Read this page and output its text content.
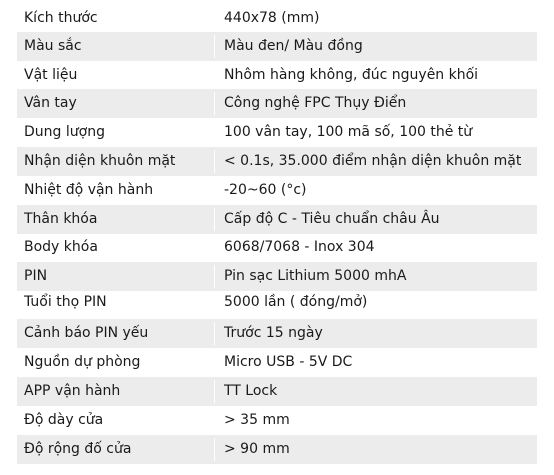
Kích thước	440x78 (mm)
Màu sắc	Màu đen/ Màu đồng
Vật liệu	Nhôm hàng không, đúc nguyên khối
Vân tay	Công nghệ FPC Thụy Điển
Dung lượng	100 vân tay, 100 mã số, 100 thẻ từ
Nhận diện khuôn mặt	< 0.1s, 35.000 điểm nhận diện khuôn mặt
Nhiệt độ vận hành	-20~60 (°c)
Thân khóa	Cấp độ C - Tiêu chuẩn châu Âu
Body khóa	6068/7068 - Inox 304
PIN	Pin sạc Lithium 5000 mhA
Tuổi thọ PIN	5000 lần ( đóng/mở)
Cảnh báo PIN yếu	Trước 15 ngày
Nguồn dự phòng	Micro USB - 5V DC
APP vận hành	TT Lock
Độ dày cửa	> 35 mm
Độ rộng đố cửa	> 90 mm
